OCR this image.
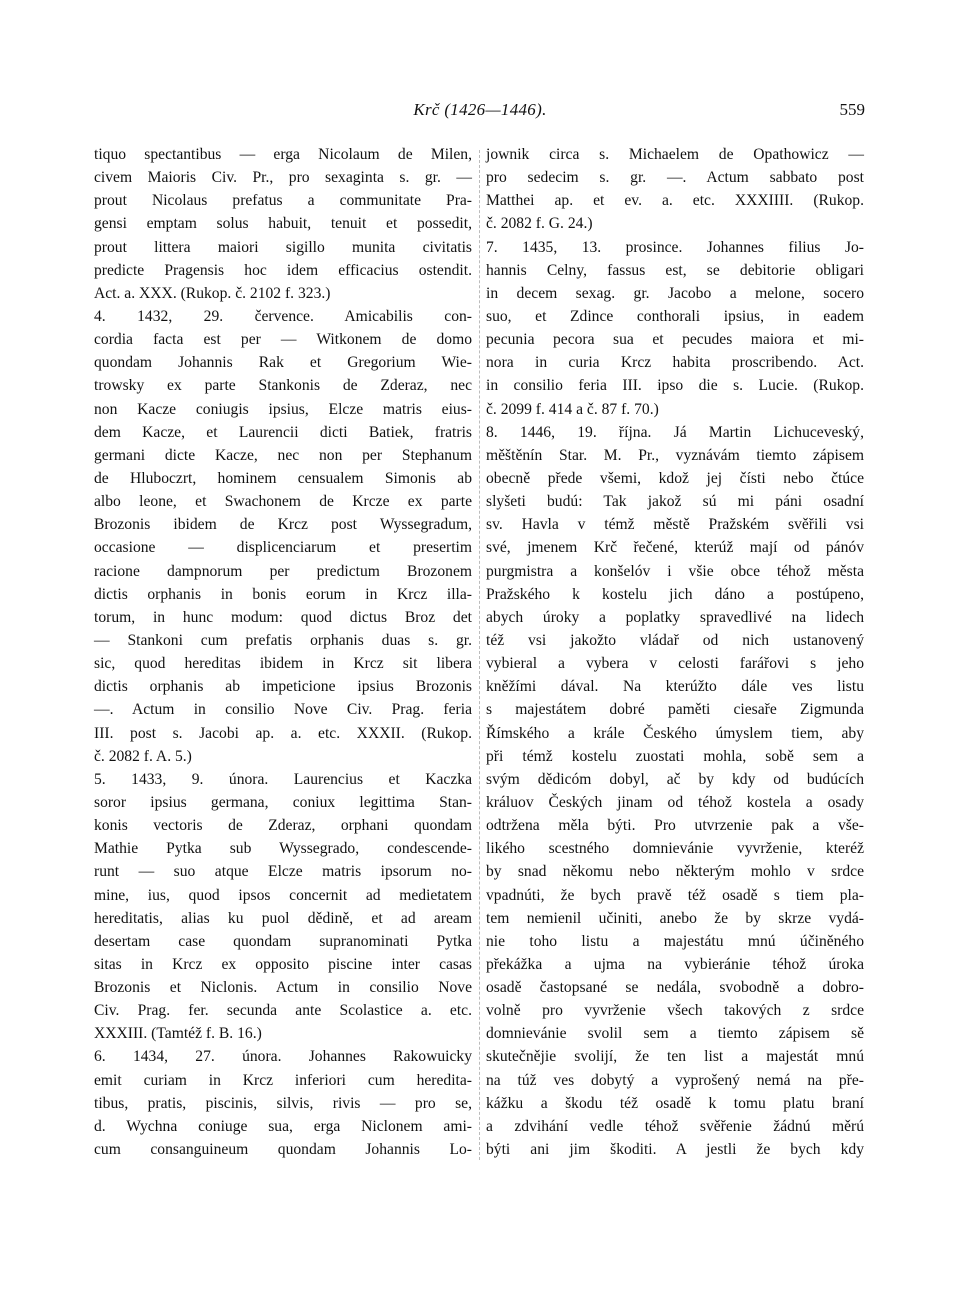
Krč (1426—1446).	559
tiquo spectantibus — erga Nicolaum de Milen,
civem Maioris Civ. Pr., pro sexaginta s. gr. —
prout Nicolaus prefatus a communitate Pra-
gensi emptam solus habuit, tenuit et possedit,
prout littera maiori sigillo munita civitatis
predicte Pragensis hoc idem efficacius ostendit.
Act. a. XXX. (Rukop. č. 2102 f. 323.)
4. 1432, 29. července. Amicabilis con-
cordia facta est per — Witkonem de domo
quondam Johannis Rak et Gregorium Wie-
trowsky ex parte Stankonis de Zderaz, nec
non Kacze coniugis ipsius, Elcze matris eius-
dem Kacze, et Laurencii dicti Batiek, fratris
germani dicte Kacze, nec non per Stephanum
de Hluboczrt, hominem censualem Simonis ab
albo leone, et Swachonem de Krcze ex parte
Brozonis ibidem de Krcz post Wyssegradum,
occasione — displicenciarum et presertim
racione dampnorum per predictum Brozonem
dictis orphanis in bonis eorum in Krcz illa-
torum, in hunc modum: quod dictus Broz det
— Stankoni cum prefatis orphanis duas s. gr.
sic, quod hereditas ibidem in Krcz sit libera
dictis orphanis ab impeticione ipsius Brozonis
—. Actum in consilio Nove Civ. Prag. feria
III. post s. Jacobi ap. a. etc. XXXII. (Rukop.
č. 2082 f. A. 5.)
5. 1433, 9. února. Laurencius et Kaczka
soror ipsius germana, coniux legittima Stan-
konis vectoris de Zderaz, orphani quondam
Mathie Pytka sub Wyssegrado, condescende-
runt — suo atque Elcze matris ipsorum no-
mine, ius, quod ipsos concernit ad medietatem
hereditatis, alias ku puol dědině, et ad aream
desertam case quondam supranominati Pytka
sitas in Krcz ex opposito piscine inter casas
Brozonis et Niclonis. Actum in consilio Nove
Civ. Prag. fer. secunda ante Scolastice a. etc.
XXXIII. (Tamtéž f. B. 16.)
6. 1434, 27. února. Johannes Rakowuicky
emit curiam in Krcz inferiori cum heredita-
tibus, pratis, piscinis, silvis, rivis — pro se,
d. Wychna coniuge sua, erga Niclonem ami-
cum consanguineum quondam Johannis Lo-
jownik circa s. Michaelem de Opathowicz —
pro sedecim s. gr. —. Actum sabbato post
Matthei ap. et ev. a. etc. XXXIIII. (Rukop.
č. 2082 f. G. 24.)
7. 1435, 13. prosince. Johannes filius Jo-
hannis Celny, fassus est, se debitorie obligari
in decem sexag. gr. Jacobo a melone, socero
suo, et Zdince conthorali ipsius, in eadem
pecunia pecora sua et pecudes maiora et mi-
nora in curia Krcz habita proscribendo. Act.
in consilio feria III. ipso die s. Lucie. (Rukop.
č. 2099 f. 414 a č. 87 f. 70.)
8. 1446, 19. října. Já Martin Lichuceveský,
měštěnín Star. M. Pr., vyznávám tiemto zápisem
obecně přede všemi, kdož jej čísti nebo čtúce
slyšeti budú: Tak jakož sú mi páni osadní
sv. Havla v témž městě Pražském svěřili vsi
své, jmenem Krč řečené, kterúž mají od pánóv
purgmistra a konšelóv i všie obce téhož města
Pražského k kostelu jich dáno a postúpeno,
abych úroky a poplatky spravedlivé na lidech
též vsi jakožto vládař od nich ustanovený
vybieral a vybera v celosti farářovi s jeho
kněžími dával. Na kterúžto dále ves listu
s majestátem dobré paměti ciesaře Zigmunda
Římského a krále Českého úmyslem tiem, aby
při témž kostelu zuostati mohla, sobě sem a
svým dědicóm dobyl, ač by kdy od budúcích
králuov Českých jinam od téhož kostela a osady
odtržena měla býti. Pro utvrzenie pak a vše-
likého scestného domnievánie vyvrženie, kteréž
by snad někomu nebo některým mohlo v srdce
vpadnúti, že bych pravě též osadě s tiem pla-
tem nemienil učiniti, anebo že by skrze vydá-
nie toho listu a majestátu mnú účiněného
překážka a ujma na vybieránie téhož úroka
osadě častopsané se nedála, svobodně a dobro-
volně pro vyvrženie všech takových z srdce
domnievánie svolil sem a tiemto zápisem sě
skutečnějie svolijí, že ten list a majestát mnú
na túž ves dobytý a vyprošený nemá na pře-
kážku a škodu též osadě k tomu platu braní
a zdvihání vedle téhož svěřenie žádnú měrú
býti ani jim škoditi. A jestli že bych kdy
